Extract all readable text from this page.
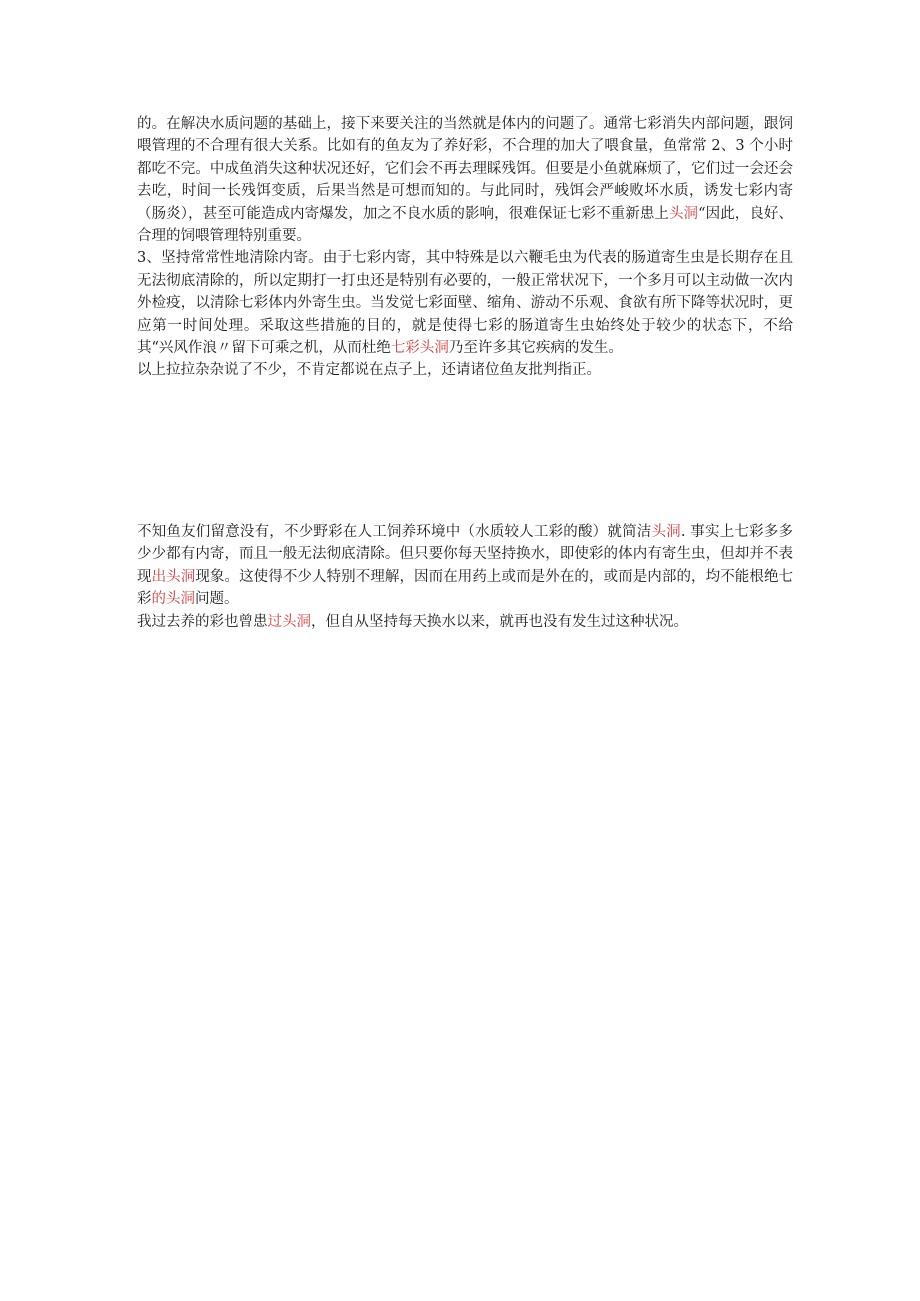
的。在解决水质问题的基础上，接下来要关注的当然就是体内的问题了。通常七彩消失内部问题，跟饲喂管理的不合理有很大关系。比如有的鱼友为了养好彩，不合理的加大了喂食量，鱼常常 2、3 个小时都吃不完。中成鱼消失这种状况还好，它们会不再去理睬残饵。但要是小鱼就麻烦了，它们过一会还会去吃，时间一长残饵变质，后果当然是可想而知的。与此同时，残饵会严峻败坏水质，诱发七彩内寄（肠炎），甚至可能造成内寄爆发，加之不良水质的影响，很难保证七彩不重新患上头洞“因此，良好、合理的饲喂管理特别重要。

3、坚持常常性地清除内寄。由于七彩内寄，其中特殊是以六鞭毛虫为代表的肠道寄生虫是长期存在且无法彻底清除的，所以定期打一打虫还是特别有必要的，一般正常状况下，一个多月可以主动做一次内外检疫，以清除七彩体内外寄生虫。当发觉七彩面壁、缩角、游动不乐观、食欲有所下降等状况时，更应第一时间处理。采取这些措施的目的，就是使得七彩的肠道寄生虫始终处于较少的状态下，不给其“兴风作浪〃留下可乘之机，从而杜绝七彩头洞乃至许多其它疾病的发生。

以上拉拉杂杂说了不少，不肯定都说在点子上，还请诸位鱼友批判指正。

不知鱼友们留意没有，不少野彩在人工饲养环境中（水质较人工彩的酸）就简洁头洞. 事实上七彩多多少少都有内寄，而且一般无法彻底清除。但只要你每天坚持换水，即使彩的体内有寄生虫，但却并不表现出头洞现象。这使得不少人特别不理解，因而在用药上或而是外在的，或而是内部的，均不能根绝七彩的头洞问题。

我过去养的彩也曾患过头洞，但自从坚持每天换水以来，就再也没有发生过这种状况。
